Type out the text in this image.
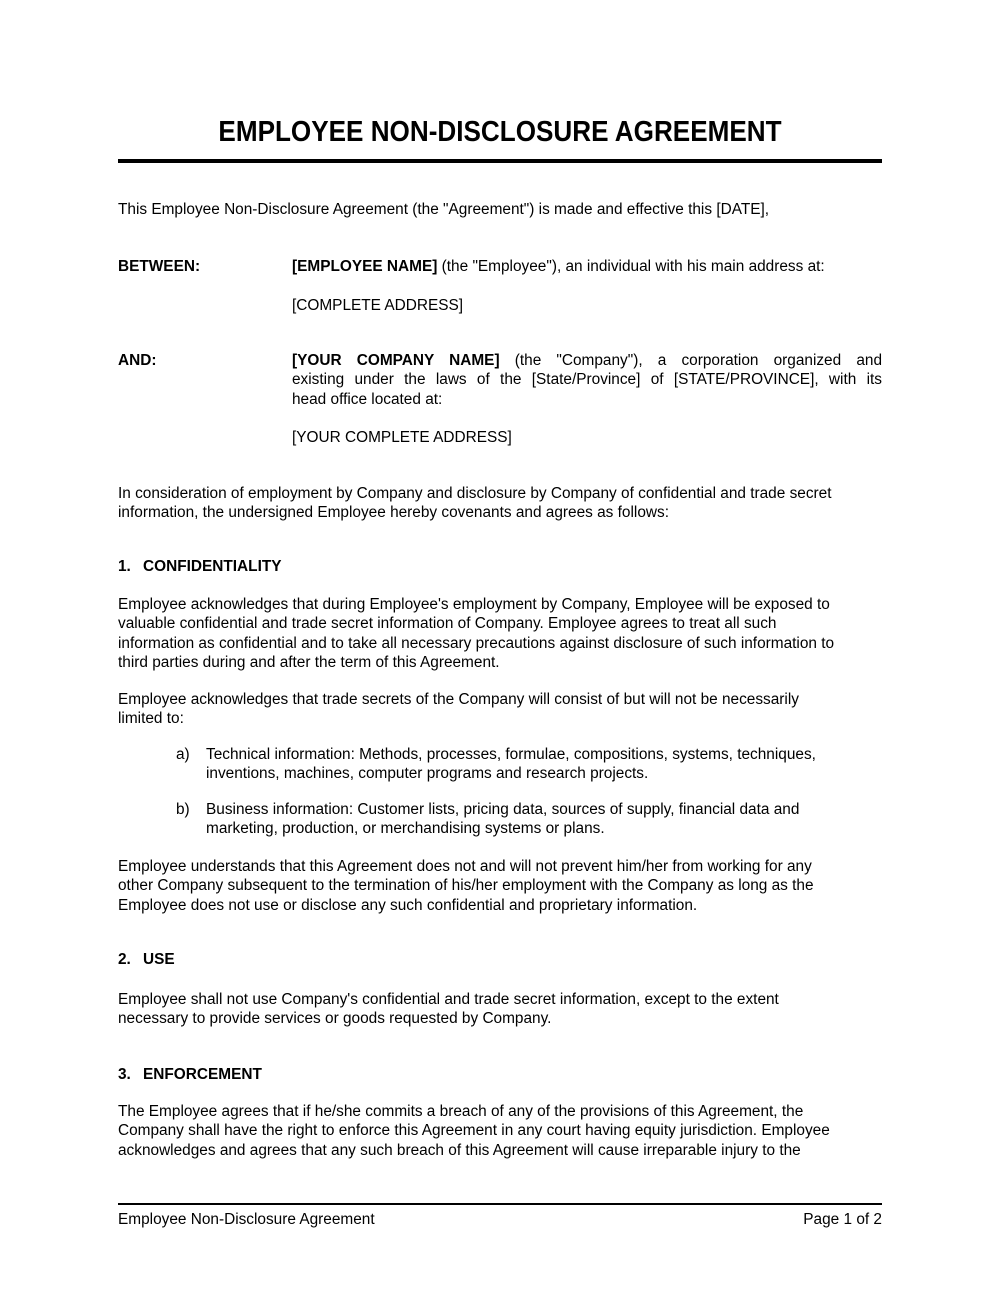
EMPLOYEE NON-DISCLOSURE AGREEMENT
This Employee Non-Disclosure Agreement (the "Agreement") is made and effective this [DATE],
BETWEEN:	[EMPLOYEE NAME] (the "Employee"), an individual with his main address at:
[COMPLETE ADDRESS]
AND:	[YOUR COMPANY NAME] (the "Company"), a corporation organized and
existing under the laws of the [State/Province] of [STATE/PROVINCE], with its
head office located at:
[YOUR COMPLETE ADDRESS]
In consideration of employment by Company and disclosure by Company of confidential and trade secret
information, the undersigned Employee hereby covenants and agrees as follows:
1. CONFIDENTIALITY
Employee acknowledges that during Employee's employment by Company, Employee will be exposed to
valuable confidential and trade secret information of Company. Employee agrees to treat all such
information as confidential and to take all necessary precautions against disclosure of such information to
third parties during and after the term of this Agreement.
Employee acknowledges that trade secrets of the Company will consist of but will not be necessarily
limited to:
a) Technical information: Methods, processes, formulae, compositions, systems, techniques,
inventions, machines, computer programs and research projects.
b) Business information: Customer lists, pricing data, sources of supply, financial data and
marketing, production, or merchandising systems or plans.
Employee understands that this Agreement does not and will not prevent him/her from working for any
other Company subsequent to the termination of his/her employment with the Company as long as the
Employee does not use or disclose any such confidential and proprietary information.
2. USE
Employee shall not use Company's confidential and trade secret information, except to the extent
necessary to provide services or goods requested by Company.
3. ENFORCEMENT
The Employee agrees that if he/she commits a breach of any of the provisions of this Agreement, the
Company shall have the right to enforce this Agreement in any court having equity jurisdiction. Employee
acknowledges and agrees that any such breach of this Agreement will cause irreparable injury to the
Employee Non-Disclosure Agreement	Page 1 of 2
